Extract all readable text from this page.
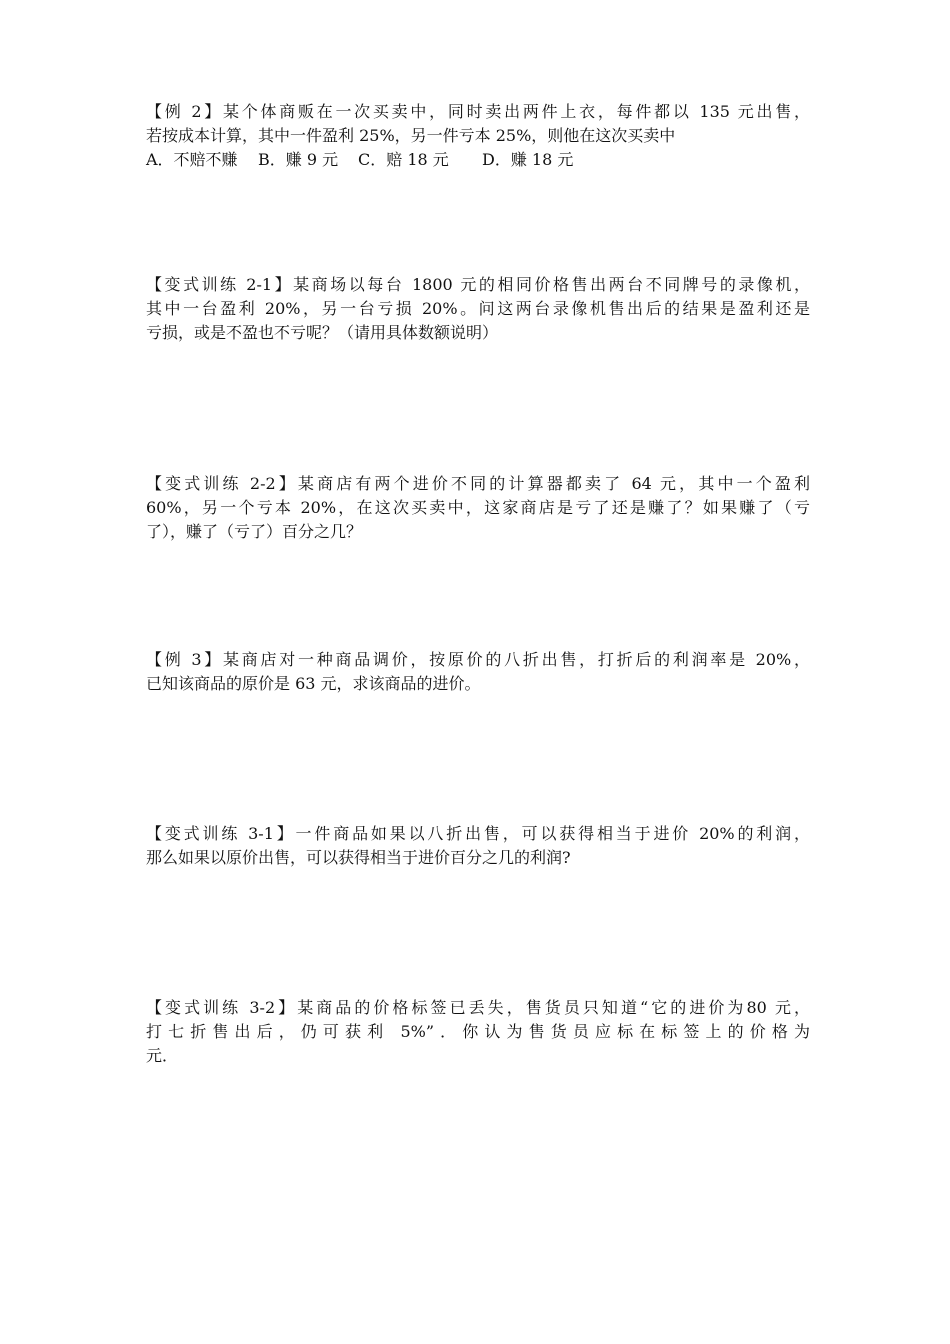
【例 2】某个体商贩在一次买卖中，同时卖出两件上衣，每件都以 135 元出售，
若按成本计算，其中一件盈利 25%，另一件亏本 25%，则他在这次买卖中
A．不赔不赚 B．赚 9 元 C．赔 18 元 D．赚 18 元
【变式训练 2-1】某商场以每台 1800 元的相同价格售出两台不同牌号的录像机，
其中一台盈利 20%，另一台亏损 20%。问这两台录像机售出后的结果是盈利还是
亏损，或是不盈也不亏呢？（请用具体数额说明）
【变式训练 2-2】某商店有两个进价不同的计算器都卖了 64 元，其中一个盈利
60%，另一个亏本 20%，在这次买卖中，这家商店是亏了还是赚了？如果赚了（亏
了），赚了（亏了）百分之几？
【例 3】某商店对一种商品调价，按原价的八折出售，打折后的利润率是 20%，
已知该商品的原价是 63 元，求该商品的进价。
【变式训练 3-1】一件商品如果以八折出售，可以获得相当于进价 20%的利润，
那么如果以原价出售，可以获得相当于进价百分之几的利润?
【变式训练 3-2】某商品的价格标签已丢失，售货员只知道“它的进价为80 元，
打七折售出后，仍可获利 5%”．你认为售货员应标在标签上的价格为
元．
